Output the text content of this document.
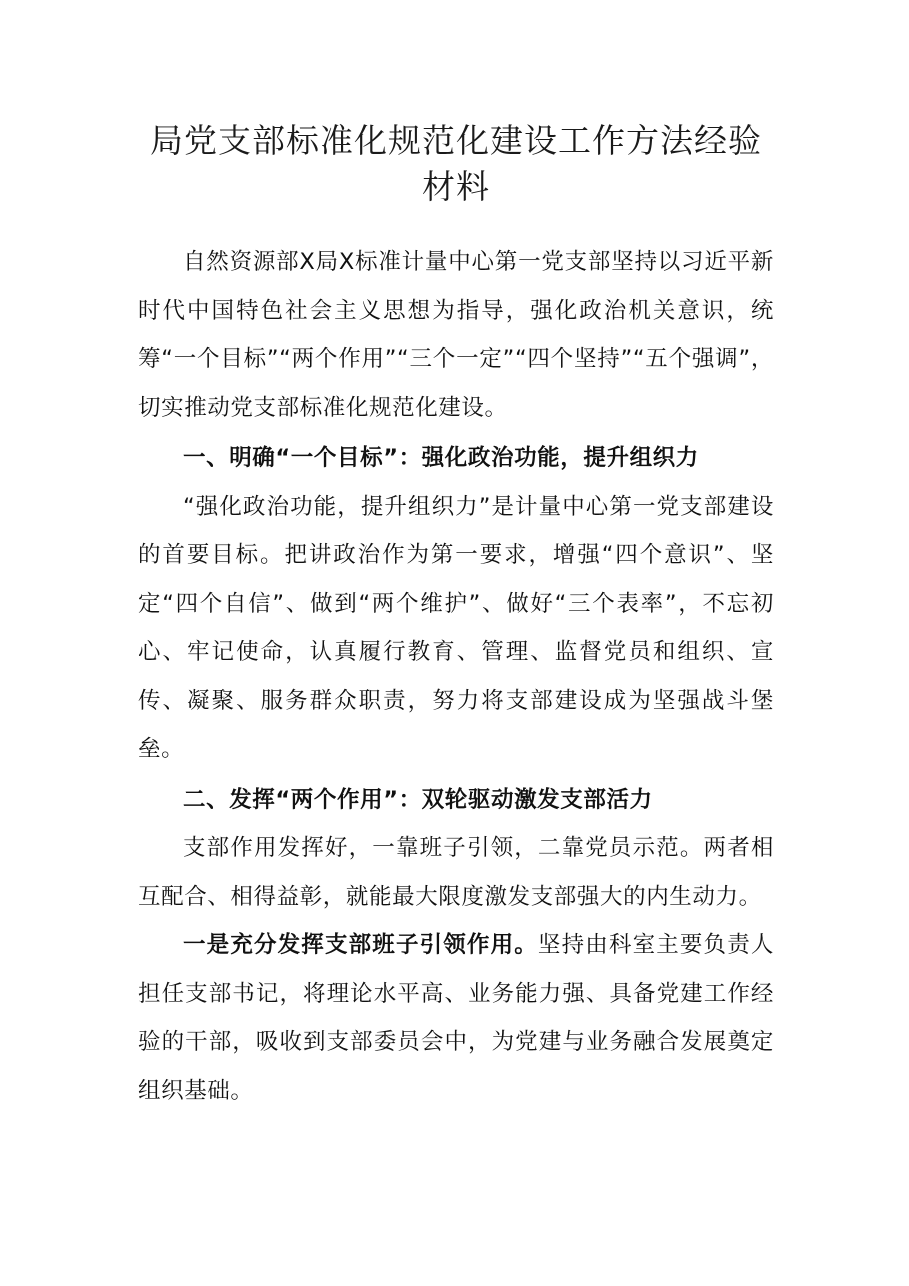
局党支部标准化规范化建设工作方法经验
材料

自然资源部X局X标准计量中心第一党支部坚持以习近平新时代中国特色社会主义思想为指导，强化政治机关意识，统筹“一个目标”“两个作用”“三个一定”“四个坚持”“五个强调”，切实推动党支部标准化规范化建设。

一、明确“一个目标”：强化政治功能，提升组织力

“强化政治功能，提升组织力”是计量中心第一党支部建设的首要目标。把讲政治作为第一要求，增强“四个意识”、坚定“四个自信”、做到“两个维护”、做好“三个表率”，不忘初心、牢记使命，认真履行教育、管理、监督党员和组织、宣传、凝聚、服务群众职责，努力将支部建设成为坚强战斗堡垒。

二、发挥“两个作用”：双轮驱动激发支部活力

支部作用发挥好，一靠班子引领，二靠党员示范。两者相互配合、相得益彰，就能最大限度激发支部强大的内生动力。

一是充分发挥支部班子引领作用。坚持由科室主要负责人担任支部书记，将理论水平高、业务能力强、具备党建工作经验的干部，吸收到支部委员会中，为党建与业务融合发展奠定组织基础。
